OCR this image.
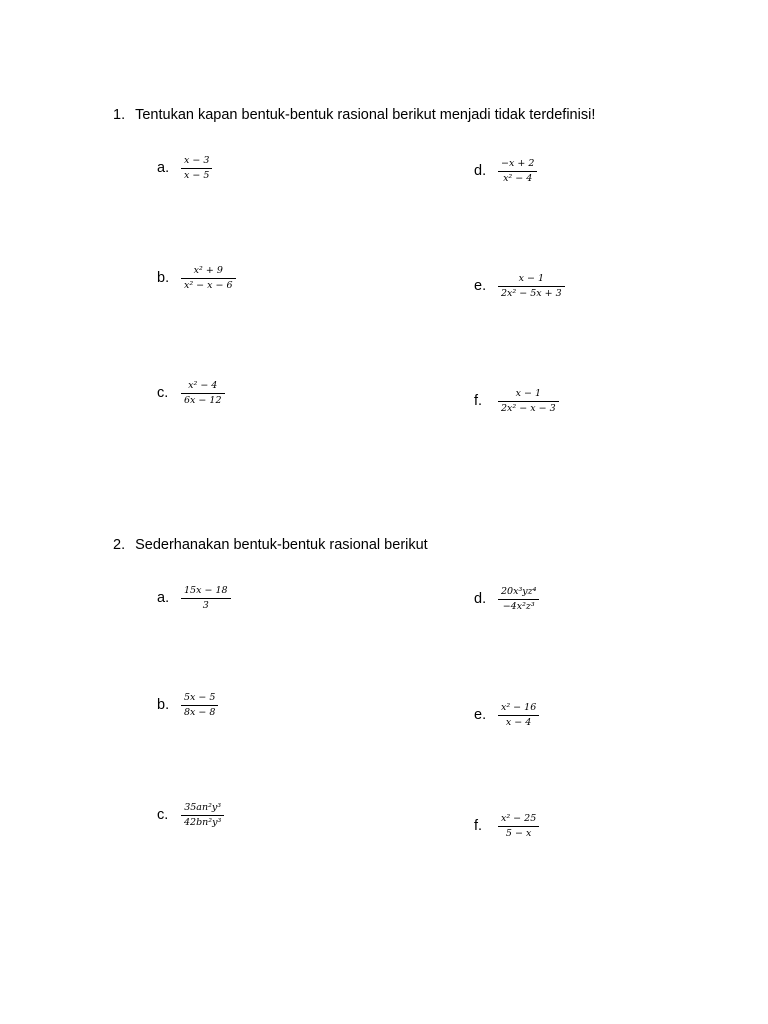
1. Tentukan kapan bentuk-bentuk rasional berikut menjadi tidak terdefinisi!
a.	$\frac{x - 3}{x - 5}$
b.	$\frac{\text{x² + 9}}{\text{x² − x − 6}}$
c.	$\frac{\text{x² − 4}}{6x - 12}$
d.	$\frac{-x + 2}{\text{x² − 4}}$
e.	$\frac{x - 1}{\text{2x² − 5x + 3}}$
f.	$\frac{x - 1}{\text{2x² − x − 3}}$
2. Sederhanakan bentuk-bentuk rasional berikut
a.	$\frac{15x - 18}{3}$
b.	$\frac{5x - 5}{8x - 8}$
c.	$\frac{\text{35an²y³}}{\text{42bn²y³}}$
d.	$\frac{\text{20x³yz⁴}}{\text{−4x²z³}}$
e.	$\frac{\text{x² − 16}}{x - 4}$
f.	$\frac{\text{x² − 25}}{5 - x}$
